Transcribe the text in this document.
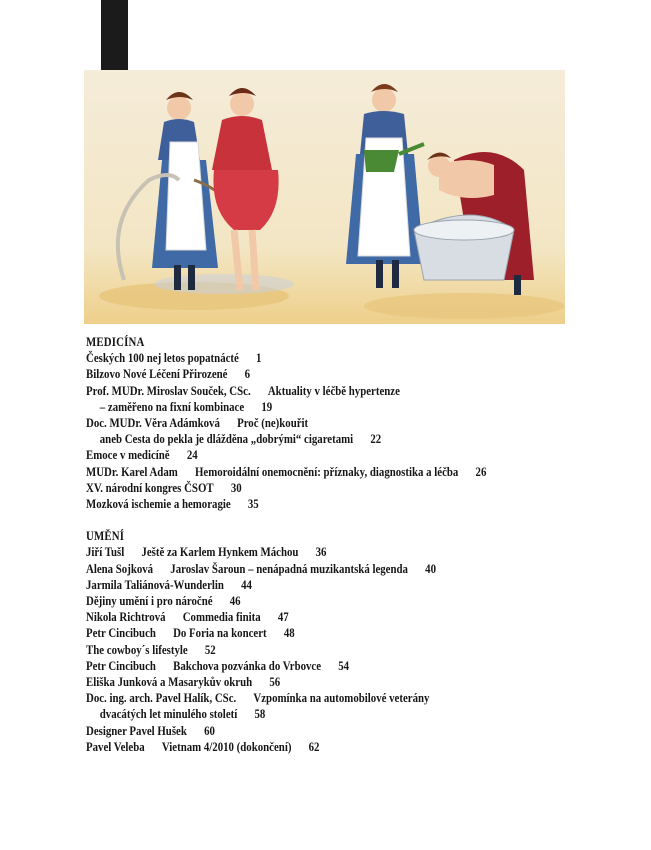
MEDICÍNA
Českých 100 nej letos popatnácté 1
Bilzovo Nové Léčení Přirozené 6
Prof. MUDr. Miroslav Souček, CSc. Aktuality v léčbě hypertenze
– zaměřeno na fixní kombinace 19
Doc. MUDr. Věra Adámková Proč (ne)kouřit
aneb Cesta do pekla je dlážděna „dobrými“ cigaretami 22
Emoce v medicíně 24
MUDr. Karel Adam Hemoroidální onemocnění: příznaky, diagnostika a léčba 26
XV. národní kongres ČSOT 30
Mozková ischemie a hemoragie 35
UMĚNÍ
Jiří Tušl Ještě za Karlem Hynkem Máchou 36
Alena Sojková Jaroslav Šaroun – nenápadná muzikantská legenda 40
Jarmila Taliánová-Wunderlin 44
Dějiny umění i pro náročné 46
Nikola Richtrová Commedia finita 47
Petr Cincibuch Do Foria na koncert 48
The cowboy´s lifestyle 52
Petr Cincibuch Bakchova pozvánka do Vrbovce 54
Eliška Junková a Masarykův okruh 56
Doc. ing. arch. Pavel Halík, CSc. Vzpomínka na automobilové veterány
dvacátých let minulého století 58
Designer Pavel Hušek 60
Pavel Veleba Vietnam 4/2010 (dokončení) 62
